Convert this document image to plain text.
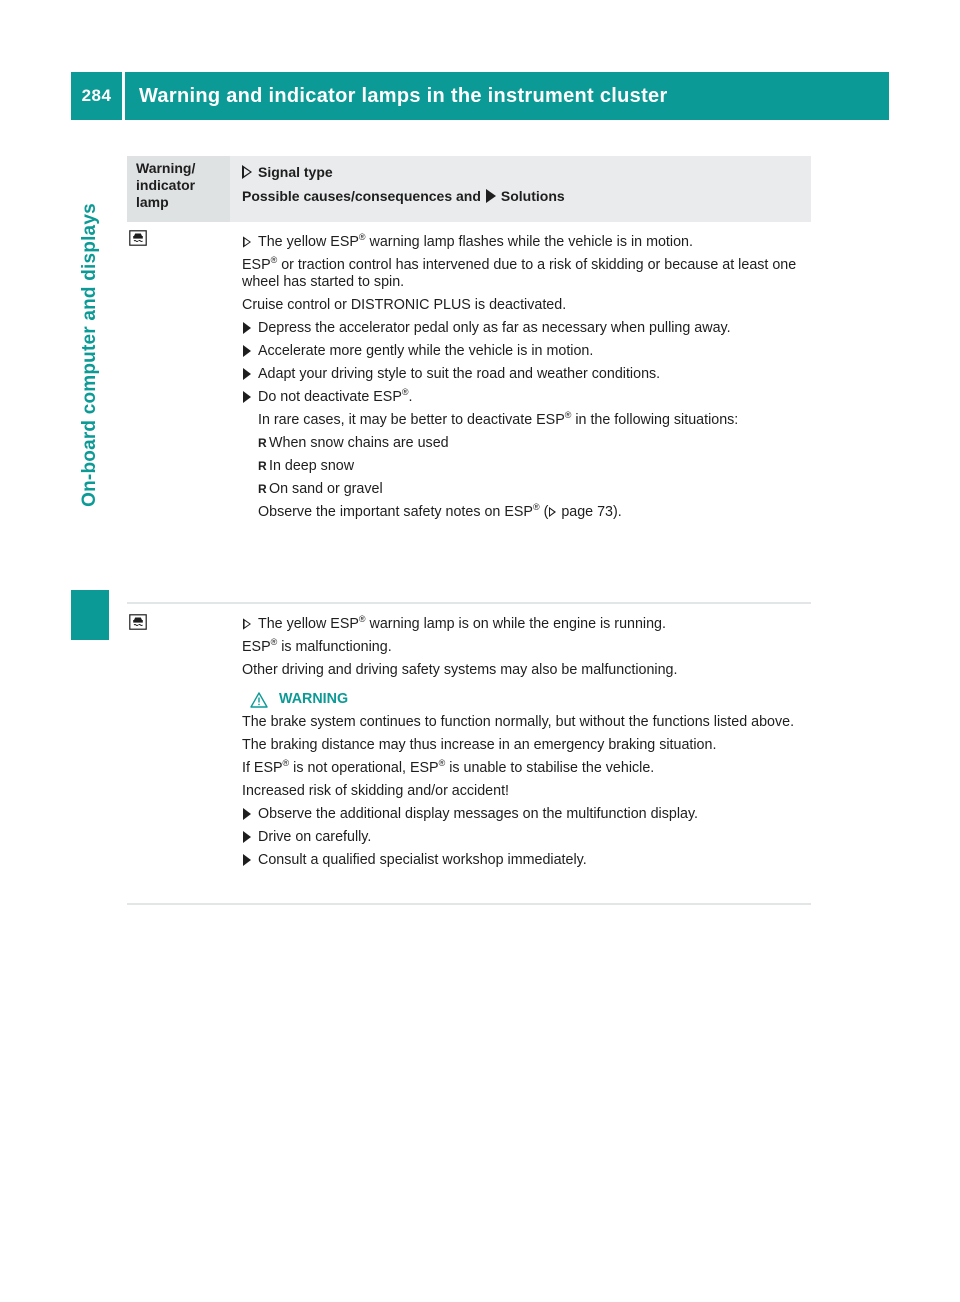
284	Warning and indicator lamps in the instrument cluster
On-board computer and displays
Warning/
indicator
lamp
Signal type
Possible causes/consequences and Solutions

The yellow ESP® warning lamp flashes while the vehicle is in motion.

ESP® or traction control has intervened due to a risk of skidding or because at least one wheel has started to spin.

Cruise control or DISTRONIC PLUS is deactivated.

Depress the accelerator pedal only as far as necessary when pulling away.
Accelerate more gently while the vehicle is in motion.
Adapt your driving style to suit the road and weather conditions.
Do not deactivate ESP®.

In rare cases, it may be better to deactivate ESP® in the following situations:

R When snow chains are used
R In deep snow
R On sand or gravel

Observe the important safety notes on ESP® ( page 73).

The yellow ESP® warning lamp is on while the engine is running.

ESP® is malfunctioning.

Other driving and driving safety systems may also be malfunctioning.

WARNING

The brake system continues to function normally, but without the functions listed above.

The braking distance may thus increase in an emergency braking situation.

If ESP® is not operational, ESP® is unable to stabilise the vehicle.

Increased risk of skidding and/or accident!

Observe the additional display messages on the multifunction display.
Drive on carefully.
Consult a qualified specialist workshop immediately.
